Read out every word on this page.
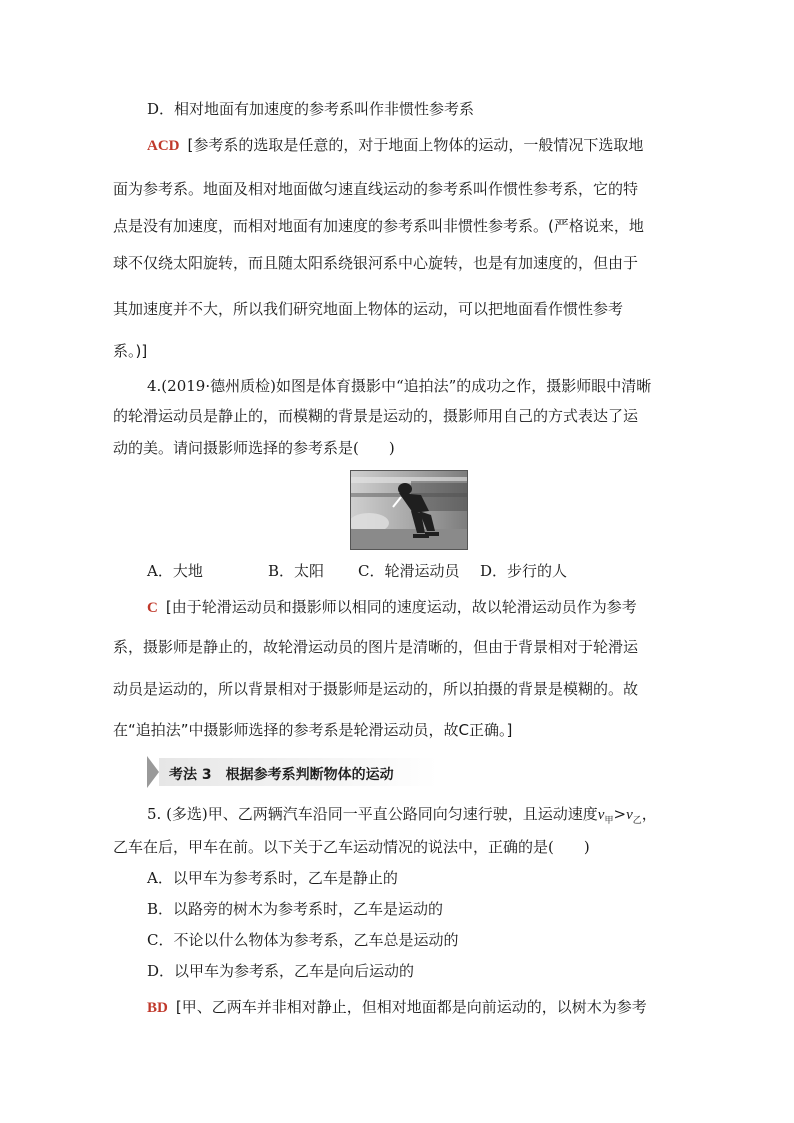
D．相对地面有加速度的参考系叫作非惯性参考系
ACD [参考系的选取是任意的，对于地面上物体的运动，一般情况下选取地
面为参考系。地面及相对地面做匀速直线运动的参考系叫作惯性参考系，它的特
点是没有加速度，而相对地面有加速度的参考系叫非惯性参考系。(严格说来，地
球不仅绕太阳旋转，而且随太阳系绕银河系中心旋转，也是有加速度的，但由于
其加速度并不大，所以我们研究地面上物体的运动，可以把地面看作惯性参考
系。)]
4.(2019·德州质检)如图是体育摄影中“追拍法”的成功之作，摄影师眼中清晰
的轮滑运动员是静止的，而模糊的背景是运动的，摄影师用自己的方式表达了运
动的美。请问摄影师选择的参考系是(　　)
A．大地	B．太阳 C．轮滑运动员 D．步行的人
C [由于轮滑运动员和摄影师以相同的速度运动，故以轮滑运动员作为参考
系，摄影师是静止的，故轮滑运动员的图片是清晰的，但由于背景相对于轮滑运
动员是运动的，所以背景相对于摄影师是运动的，所以拍摄的背景是模糊的。故
在“追拍法”中摄影师选择的参考系是轮滑运动员，故C正确。]
考法 3 根据参考系判断物体的运动
5. (多选)甲、乙两辆汽车沿同一平直公路同向匀速行驶，且运动速度$v_甲>v_乙$，
乙车在后，甲车在前。以下关于乙车运动情况的说法中，正确的是(　　)
A．以甲车为参考系时，乙车是静止的
B．以路旁的树木为参考系时，乙车是运动的
C．不论以什么物体为参考系，乙车总是运动的
D．以甲车为参考系，乙车是向后运动的
BD [甲、乙两车并非相对静止，但相对地面都是向前运动的，以树木为参考
